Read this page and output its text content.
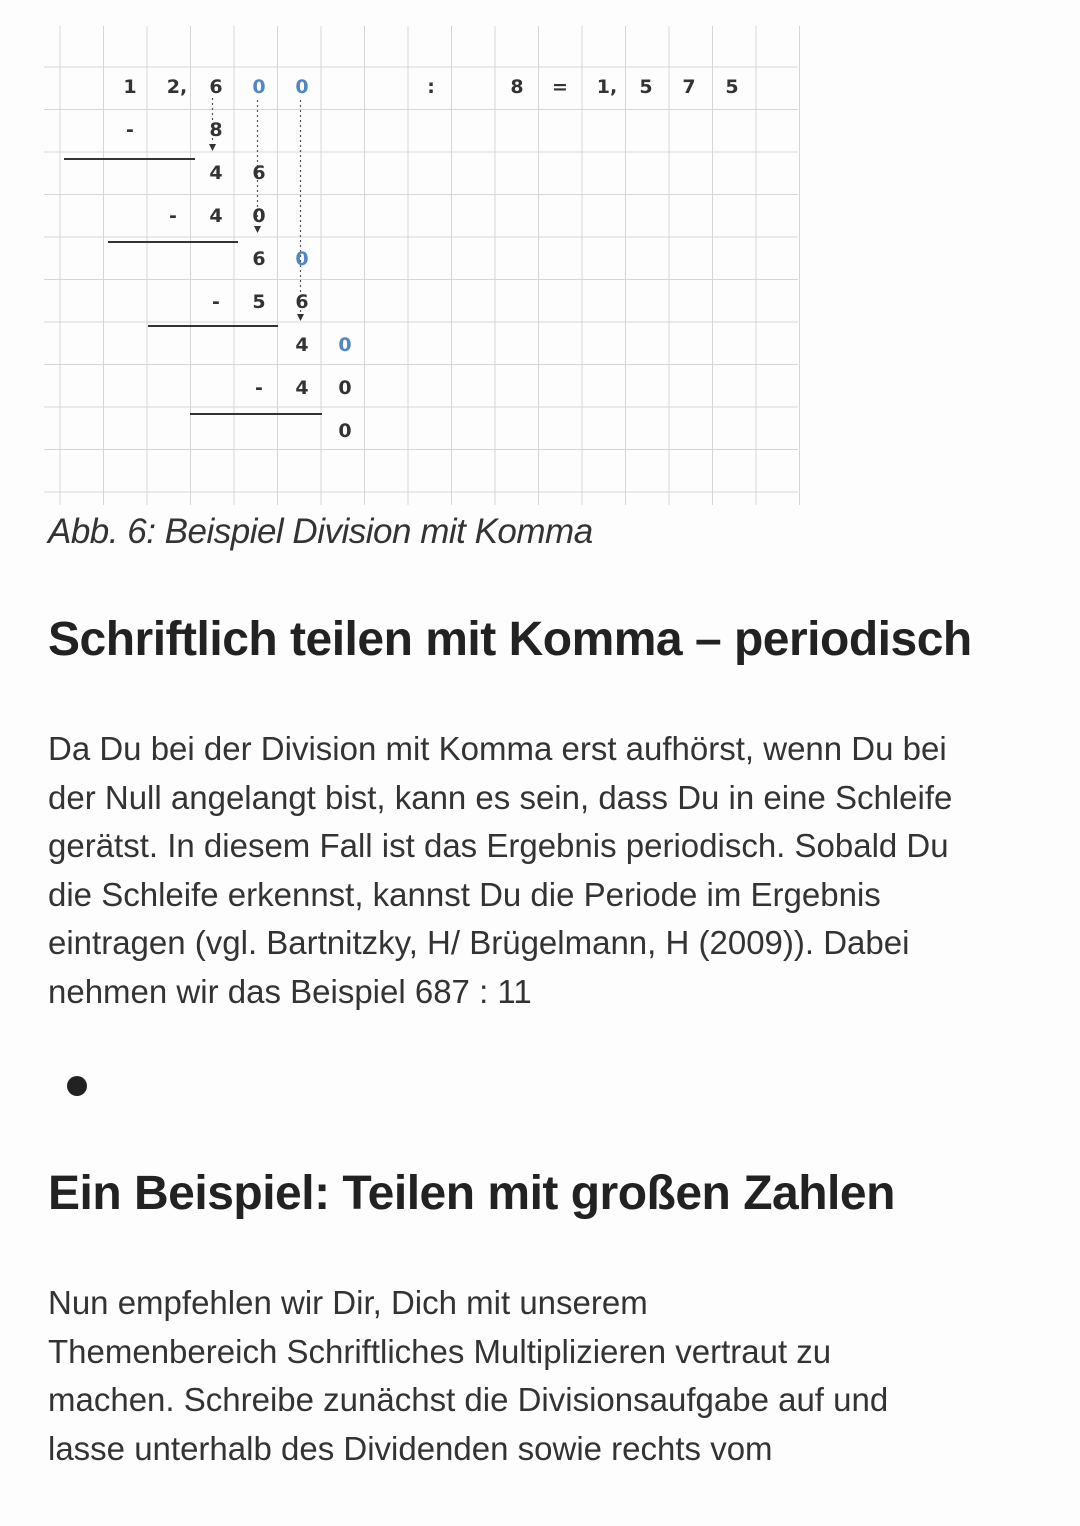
1 2, 6 0 0	:	8 = 1, 5 7 5
-	8
4 6
- 4 0
6 0
- 5 6
4 0
- 4 0
0
Abb. 6: Beispiel Division mit Komma
Schriftlich teilen mit Komma – periodisch
Da Du bei der Division mit Komma erst aufhörst, wenn Du bei
der Null angelangt bist, kann es sein, dass Du in eine Schleife
gerätst. In diesem Fall ist das Ergebnis periodisch. Sobald Du
die Schleife erkennst, kannst Du die Periode im Ergebnis
eintragen (vgl. Bartnitzky, H/ Brügelmann, H (2009)). Dabei
nehmen wir das Beispiel 687 : 11
Ein Beispiel: Teilen mit großen Zahlen
Nun empfehlen wir Dir, Dich mit unserem
Themenbereich Schriftliches Multiplizieren vertraut zu
machen. Schreibe zunächst die Divisionsaufgabe auf und
lasse unterhalb des Dividenden sowie rechts vom
